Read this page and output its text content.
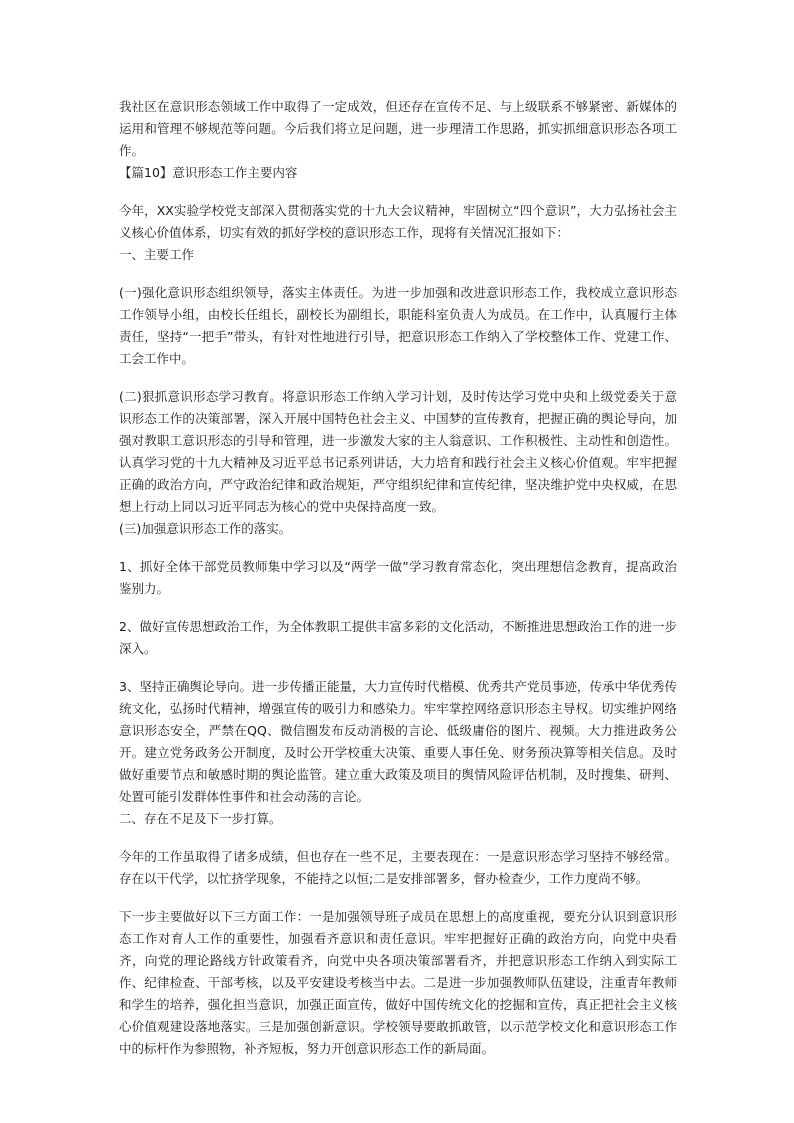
我社区在意识形态领域工作中取得了一定成效，但还存在宣传不足、与上级联系不够紧密、新媒体的运用和管理不够规范等问题。今后我们将立足问题，进一步理清工作思路，抓实抓细意识形态各项工作。

【篇10】意识形态工作主要内容

今年，XX实验学校党支部深入贯彻落实党的十九大会议精神，牢固树立“四个意识”，大力弘扬社会主义核心价值体系，切实有效的抓好学校的意识形态工作，现将有关情况汇报如下：

一、主要工作

(一)强化意识形态组织领导，落实主体责任。为进一步加强和改进意识形态工作，我校成立意识形态工作领导小组，由校长任组长，副校长为副组长，职能科室负责人为成员。在工作中，认真履行主体责任，坚持“一把手”带头，有针对性地进行引导，把意识形态工作纳入了学校整体工作、党建工作、工会工作中。

(二)狠抓意识形态学习教育。将意识形态工作纳入学习计划，及时传达学习党中央和上级党委关于意识形态工作的决策部署，深入开展中国特色社会主义、中国梦的宣传教育，把握正确的舆论导向，加强对教职工意识形态的引导和管理，进一步激发大家的主人翁意识、工作积极性、主动性和创造性。认真学习党的十九大精神及习近平总书记系列讲话，大力培育和践行社会主义核心价值观。牢牢把握正确的政治方向，严守政治纪律和政治规矩，严守组织纪律和宣传纪律，坚决维护党中央权威，在思想上行动上同以习近平同志为核心的党中央保持高度一致。

(三)加强意识形态工作的落实。

1、抓好全体干部党员教师集中学习以及“两学一做”学习教育常态化，突出理想信念教育，提高政治鉴别力。

2、做好宣传思想政治工作，为全体教职工提供丰富多彩的文化活动，不断推进思想政治工作的进一步深入。

3、坚持正确舆论导向。进一步传播正能量，大力宣传时代楷模、优秀共产党员事迹，传承中华优秀传统文化，弘扬时代精神，增强宣传的吸引力和感染力。牢牢掌控网络意识形态主导权。切实维护网络意识形态安全，严禁在QQ、微信圈发布反动消极的言论、低级庸俗的图片、视频。大力推进政务公开。建立党务政务公开制度，及时公开学校重大决策、重要人事任免、财务预决算等相关信息。及时做好重要节点和敏感时期的舆论监管。建立重大政策及项目的舆情风险评估机制，及时搜集、研判、处置可能引发群体性事件和社会动荡的言论。

二、存在不足及下一步打算。

今年的工作虽取得了诸多成绩，但也存在一些不足，主要表现在：一是意识形态学习坚持不够经常。存在以干代学，以忙挤学现象，不能持之以恒;二是安排部署多，督办检查少，工作力度尚不够。

下一步主要做好以下三方面工作：一是加强领导班子成员在思想上的高度重视，要充分认识到意识形态工作对育人工作的重要性，加强看齐意识和责任意识。牢牢把握好正确的政治方向，向党中央看齐，向党的理论路线方针政策看齐，向党中央各项决策部署看齐，并把意识形态工作纳入到实际工作、纪律检查、干部考核，以及平安建设考核当中去。二是进一步加强教师队伍建设，注重青年教师和学生的培养，强化担当意识，加强正面宣传，做好中国传统文化的挖掘和宣传，真正把社会主义核心价值观建设落地落实。三是加强创新意识。学校领导要敢抓敢管，以示范学校文化和意识形态工作中的标杆作为参照物，补齐短板，努力开创意识形态工作的新局面。
